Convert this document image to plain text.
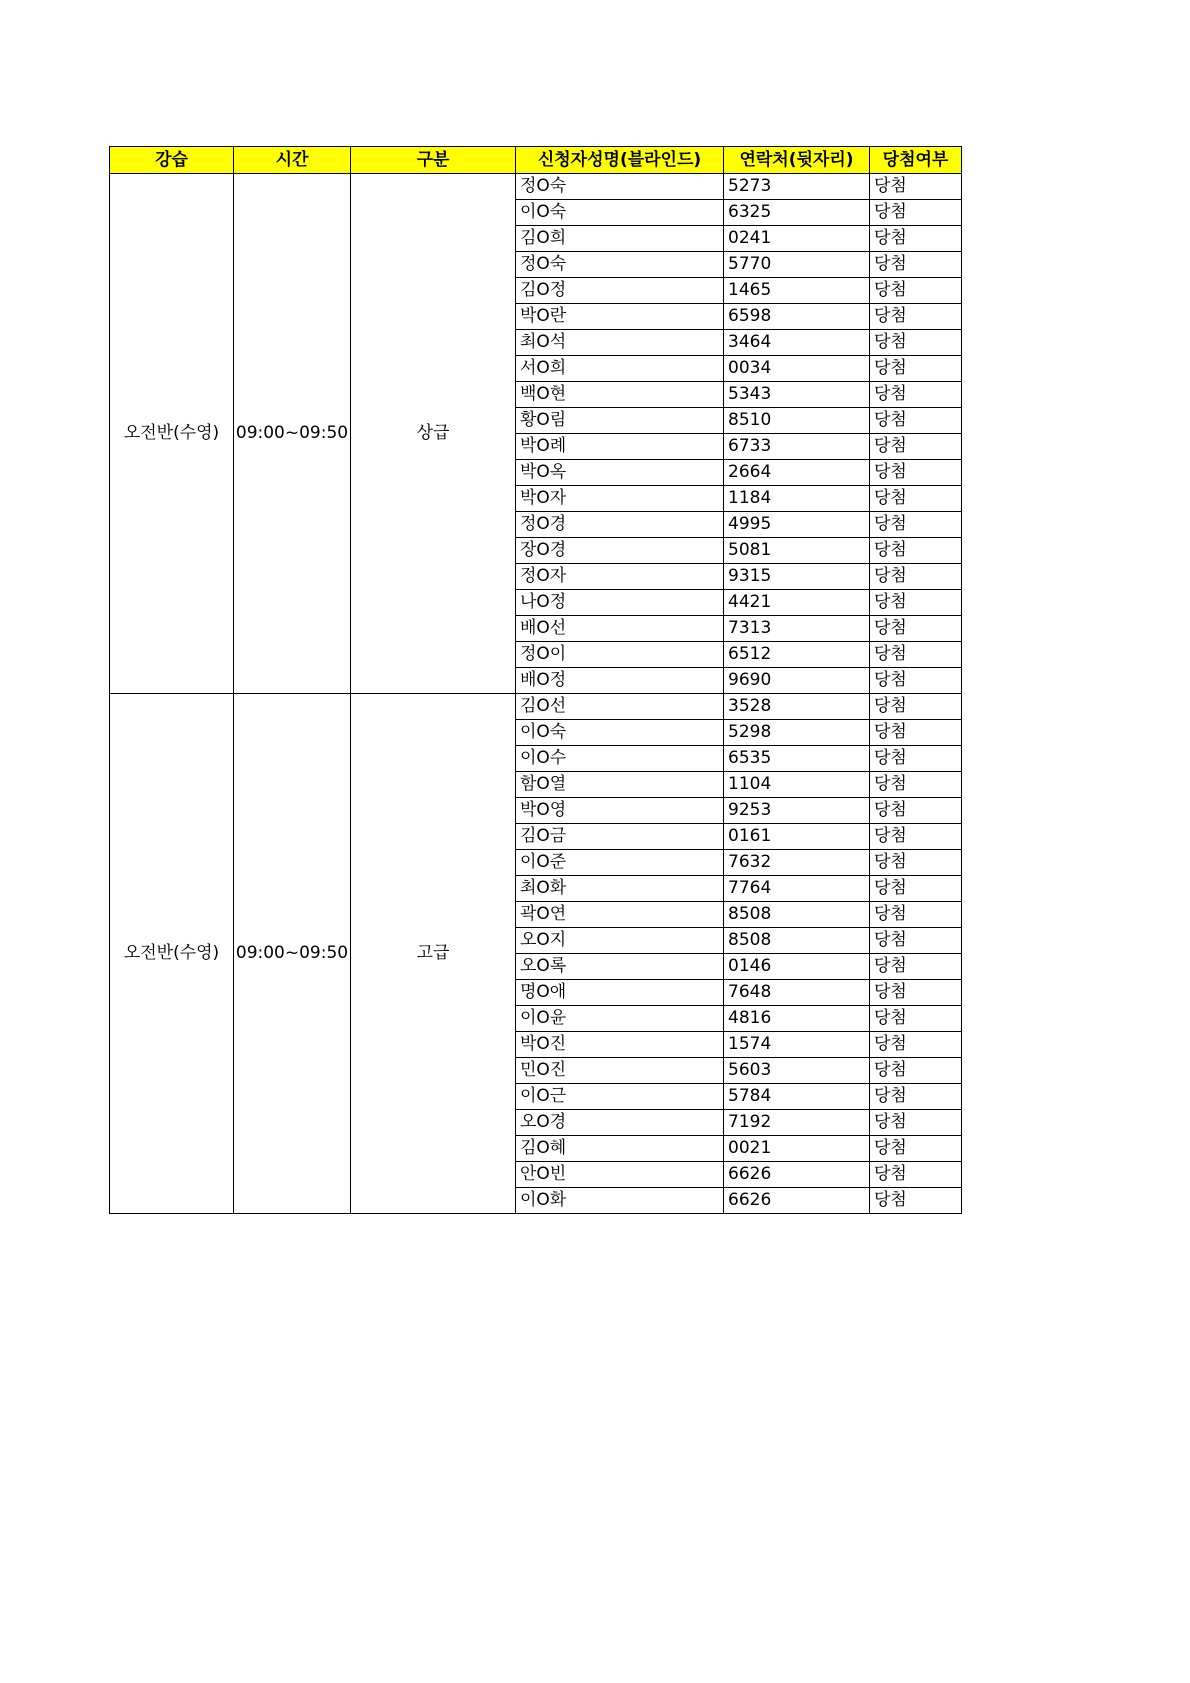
강습	시간	구분	신청자성명(블라인드)	연락처(뒷자리)	당첨여부
오전반(수영)	09:00~09:50	상급	정O숙	5273	당첨
			이O숙	6325	당첨
			김O희	0241	당첨
			정O숙	5770	당첨
			김O정	1465	당첨
			박O란	6598	당첨
			최O석	3464	당첨
			서O희	0034	당첨
			백O현	5343	당첨
			황O림	8510	당첨
			박O례	6733	당첨
			박O옥	2664	당첨
			박O자	1184	당첨
			정O경	4995	당첨
			장O경	5081	당첨
			정O자	9315	당첨
			나O정	4421	당첨
			배O선	7313	당첨
			정O이	6512	당첨
			배O정	9690	당첨
오전반(수영)	09:00~09:50	고급	김O선	3528	당첨
			이O숙	5298	당첨
			이O수	6535	당첨
			함O열	1104	당첨
			박O영	9253	당첨
			김O금	0161	당첨
			이O준	7632	당첨
			최O화	7764	당첨
			곽O연	8508	당첨
			오O지	8508	당첨
			오O록	0146	당첨
			명O애	7648	당첨
			이O윤	4816	당첨
			박O진	1574	당첨
			민O진	5603	당첨
			이O근	5784	당첨
			오O경	7192	당첨
			김O혜	0021	당첨
			안O빈	6626	당첨
			이O화	6626	당첨
